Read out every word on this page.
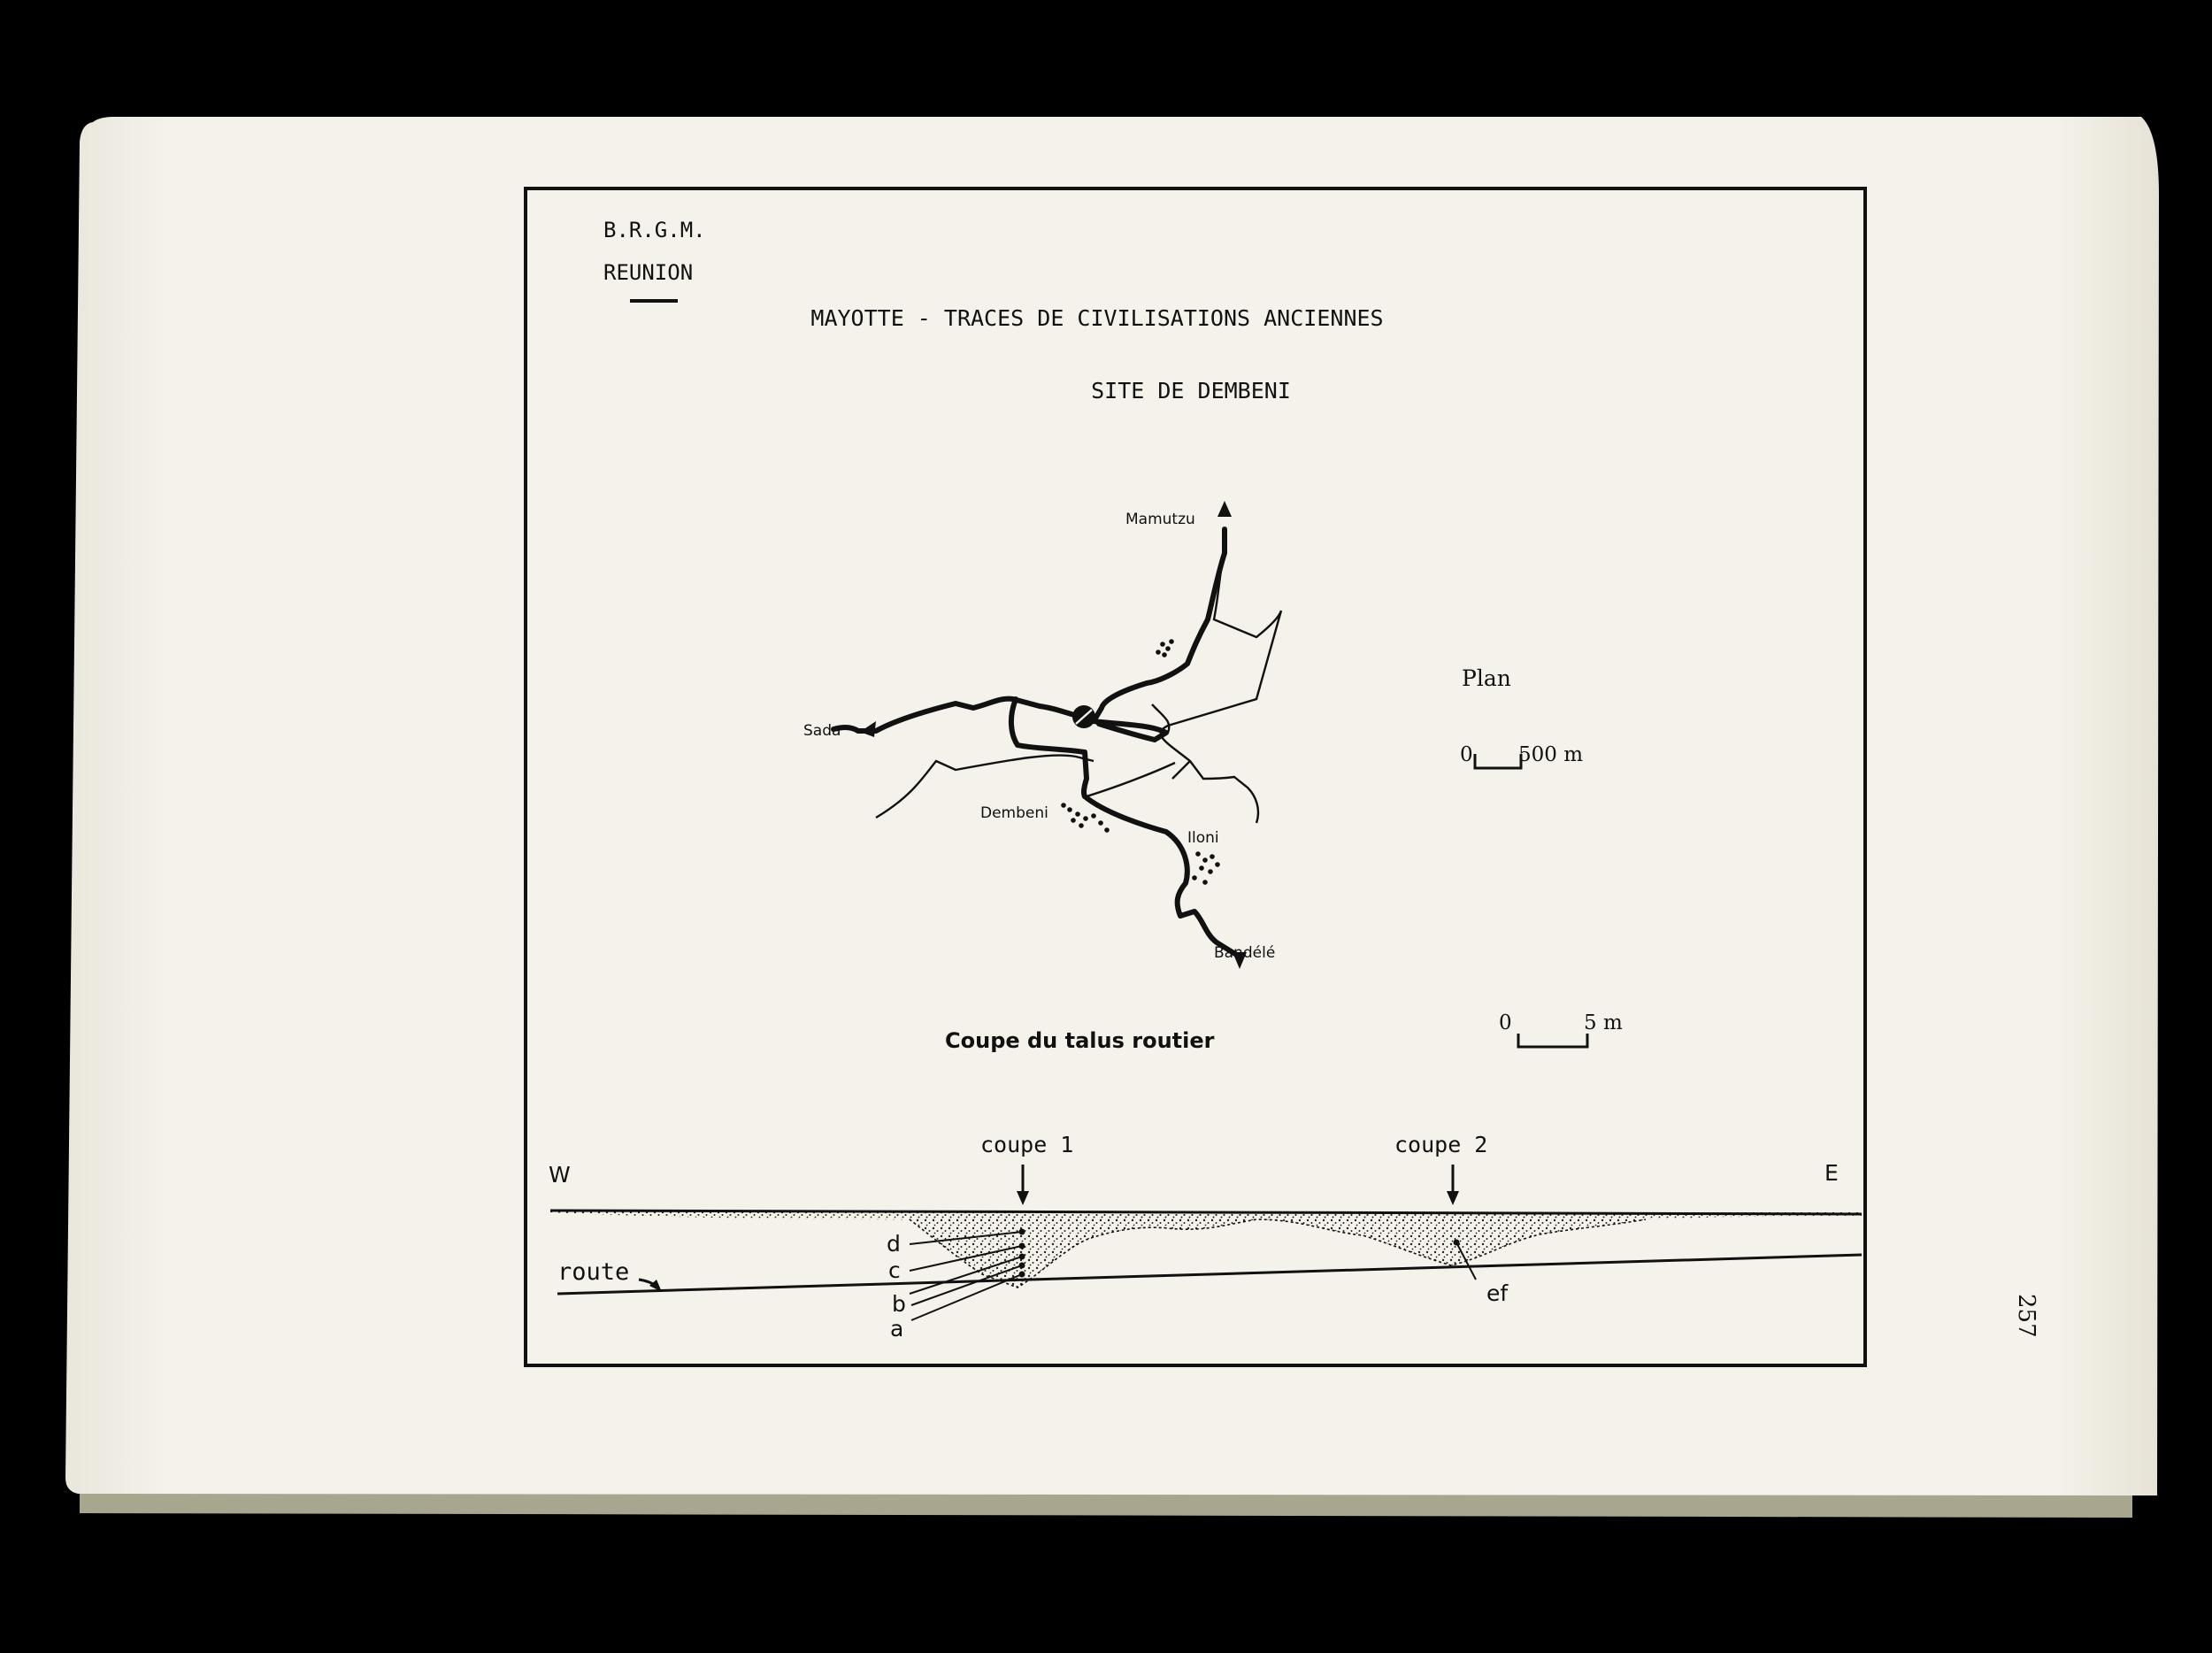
B.R.G.M.
REUNION
MAYOTTE - TRACES DE CIVILISATIONS ANCIENNES
SITE DE DEMBENI
Mamutzu
Sada
Dembeni
Iloni
Bandélé
Plan
0 500 m
Coupe du talus routier
0	5 m
W	E
coupe 1	coupe 2
route
d
c
b
a
ef
257
